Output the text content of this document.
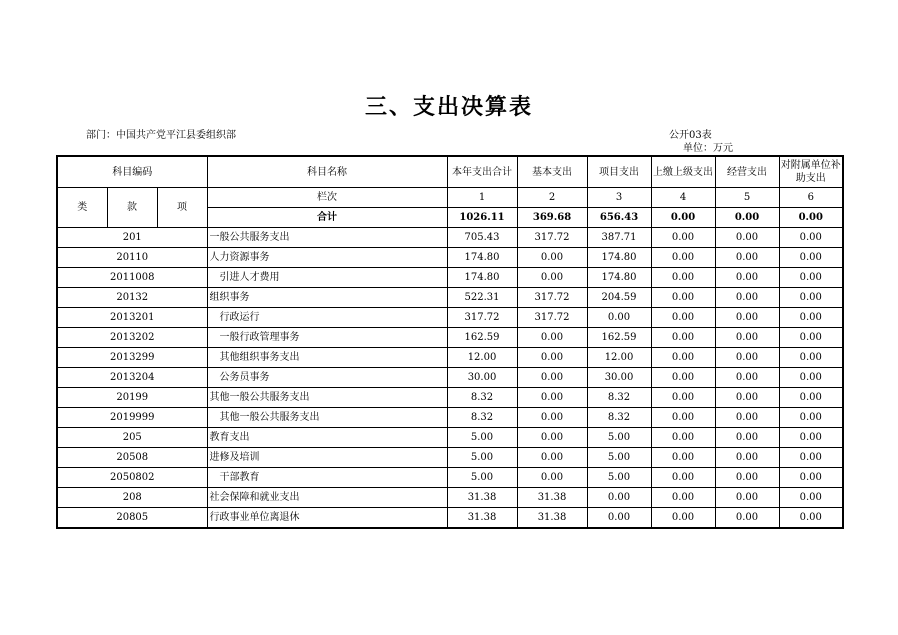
三、支出决算表
部门：中国共产党平江县委组织部	公开03表
单位：万元
科目编码			科目名称	本年支出合计	基本支出	项目支出	上缴上级支出	经营支出	对附属单位补助支出
类	款	项	栏次	1	2	3	4	5	6
			合计	1026.11	369.68	656.43	0.00	0.00	0.00
201			一般公共服务支出	705.43	317.72	387.71	0.00	0.00	0.00
20110			人力资源事务	174.80	0.00	174.80	0.00	0.00	0.00
2011008			引进人才费用	174.80	0.00	174.80	0.00	0.00	0.00
20132			组织事务	522.31	317.72	204.59	0.00	0.00	0.00
2013201			行政运行	317.72	317.72	0.00	0.00	0.00	0.00
2013202			一般行政管理事务	162.59	0.00	162.59	0.00	0.00	0.00
2013299			其他组织事务支出	12.00	0.00	12.00	0.00	0.00	0.00
2013204			公务员事务	30.00	0.00	30.00	0.00	0.00	0.00
20199			其他一般公共服务支出	8.32	0.00	8.32	0.00	0.00	0.00
2019999			其他一般公共服务支出	8.32	0.00	8.32	0.00	0.00	0.00
205			教育支出	5.00	0.00	5.00	0.00	0.00	0.00
20508			进修及培训	5.00	0.00	5.00	0.00	0.00	0.00
2050802			干部教育	5.00	0.00	5.00	0.00	0.00	0.00
208			社会保障和就业支出	31.38	31.38	0.00	0.00	0.00	0.00
20805			行政事业单位离退休	31.38	31.38	0.00	0.00	0.00	0.00
